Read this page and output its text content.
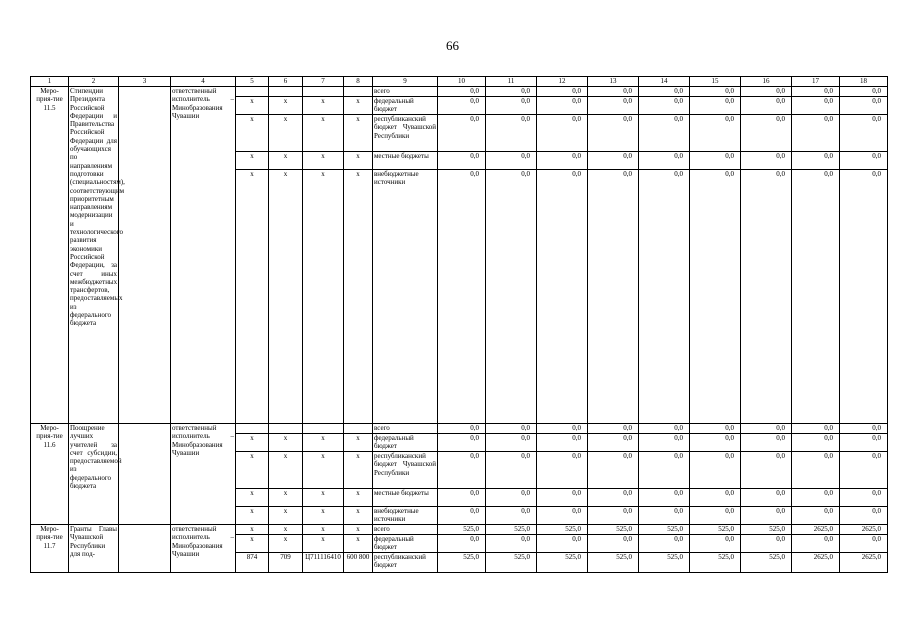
66
1	2	3	4	5	6	7	8	9	10	11	12	13	14	15	16	17	18
Меро-прия-тие 11.5	Стипендии Президента Российской Федерации и Правительства Российской Федерации для обучающихся по направлениям подготовки (специальностям), соответствующим приоритетным направлениям модернизации и технологического развития экономики Российской Федерации, за счет иных межбюджетных трансфертов, предоставляемых из федерального бюджета		ответственный исполнитель – Минобразования Чувашии					всего	0,0	0,0	0,0	0,0	0,0	0,0	0,0	0,0	0,0
				x	x	x	x	федеральный бюджет	0,0	0,0	0,0	0,0	0,0	0,0	0,0	0,0	0,0
				x	x	x	x	республиканский бюджет Чувашской Республики	0,0	0,0	0,0	0,0	0,0	0,0	0,0	0,0	0,0
				x	x	x	x	местные бюджеты	0,0	0,0	0,0	0,0	0,0	0,0	0,0	0,0	0,0
				x	x	x	x	внебюджетные источники	0,0	0,0	0,0	0,0	0,0	0,0	0,0	0,0	0,0
Меро-прия-тие 11.6	Поощрение лучших учителей за счет субсидии, предоставляемой из федерального бюджета		ответственный исполнитель – Минобразования Чувашии					всего	0,0	0,0	0,0	0,0	0,0	0,0	0,0	0,0	0,0
				x	x	x	x	федеральный бюджет	0,0	0,0	0,0	0,0	0,0	0,0	0,0	0,0	0,0
				x	x	x	x	республиканский бюджет Чувашской Республики	0,0	0,0	0,0	0,0	0,0	0,0	0,0	0,0	0,0
				x	x	x	x	местные бюджеты	0,0	0,0	0,0	0,0	0,0	0,0	0,0	0,0	0,0
				x	x	x	x	внебюджетные источники	0,0	0,0	0,0	0,0	0,0	0,0	0,0	0,0	0,0
Меро-прия-тие 11.7	Гранты Главы Чувашской Республики для под-		ответственный исполнитель – Минобразования Чувашии	x	x	x	x	всего	525,0	525,0	525,0	525,0	525,0	525,0	525,0	2625,0	2625,0
				x	x	x	x	федеральный бюджет	0,0	0,0	0,0	0,0	0,0	0,0	0,0	0,0	0,0
				874	709	Ц711116410	600 800	республиканский бюджет	525,0	525,0	525,0	525,0	525,0	525,0	525,0	2625,0	2625,0
